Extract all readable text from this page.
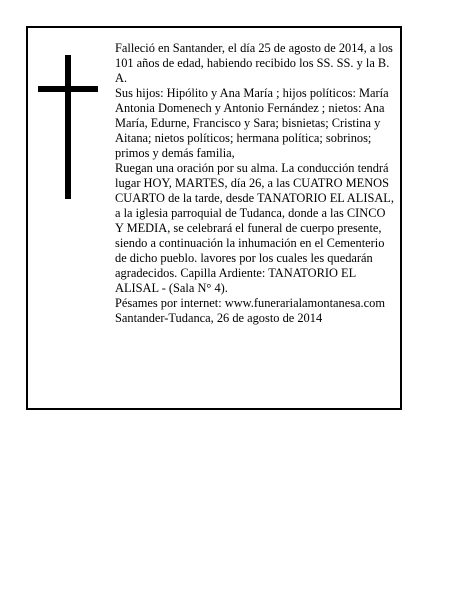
Falleció en Santander, el día 25 de agosto de 2014, a los 101 años de edad, habiendo recibido los SS. SS. y la B. A.

Sus hijos: Hipólito y Ana María ; hijos políticos: María Antonia Domenech y Antonio Fernández ; nietos: Ana María, Edurne, Francisco y Sara; bisnietas; Cristina y Aitana; nietos políticos; hermana política; sobrinos; primos y demás familia,

Ruegan una oración por su alma. La conducción tendrá lugar HOY, MARTES, día 26, a las CUATRO MENOS CUARTO de la tarde, desde TANATORIO EL ALISAL, a la iglesia parroquial de Tudanca, donde a las CINCO Y MEDIA, se celebrará el funeral de cuerpo presente, siendo a continuación la inhumación en el Cementerio de dicho pueblo. lavores por los cuales les quedarán agradecidos. Capilla Ardiente: TANATORIO EL ALISAL - (Sala N° 4).

Pésames por internet: www.funerarialamontanesa.com

Santander-Tudanca, 26 de agosto de 2014
